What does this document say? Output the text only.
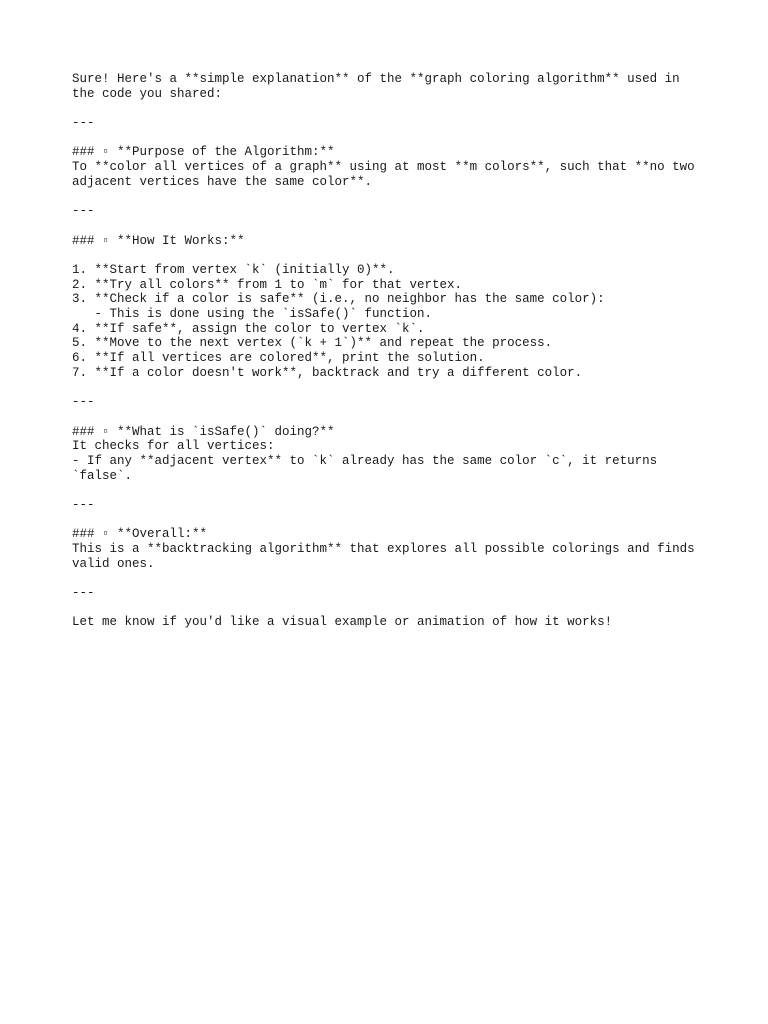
Sure! Here's a **simple explanation** of the **graph coloring algorithm** used in
the code you shared:
---
### ▫ **Purpose of the Algorithm:**
To **color all vertices of a graph** using at most **m colors**, such that **no two
adjacent vertices have the same color**.
---
### ▫ **How It Works:**
1. **Start from vertex `k` (initially 0)**.
2. **Try all colors** from 1 to `m` for that vertex.
3. **Check if a color is safe** (i.e., no neighbor has the same color):
- This is done using the `isSafe()` function.
4. **If safe**, assign the color to vertex `k`.
5. **Move to the next vertex (`k + 1`)** and repeat the process.
6. **If all vertices are colored**, print the solution.
7. **If a color doesn't work**, backtrack and try a different color.
---
### ▫ **What is `isSafe()` doing?**
It checks for all vertices:
- If any **adjacent vertex** to `k` already has the same color `c`, it returns
`false`.
---
### ▫ **Overall:**
This is a **backtracking algorithm** that explores all possible colorings and finds
valid ones.
---
Let me know if you'd like a visual example or animation of how it works!
